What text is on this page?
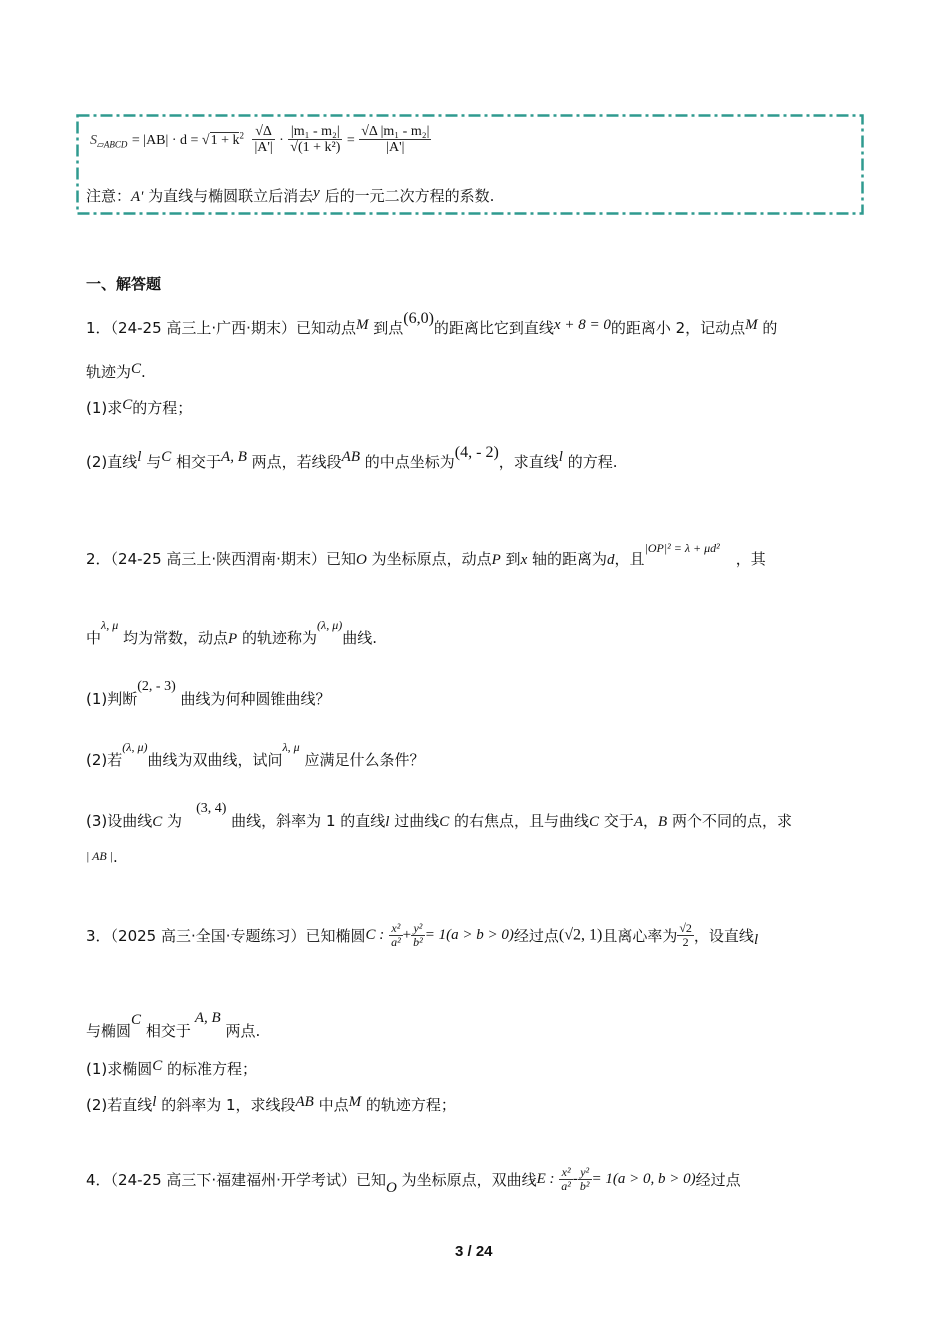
$S_{▱ABCD} = |AB| \cdot d = √1 + k^2 \frac{√\Delta}{|A'|} \cdot \frac{\text{|m₁ - m₂|}}{\text{√(1 + k²)}} = \frac{\text{√Δ |m₁ - m₂|}}{|A'|}$
注意：A' 为直线与椭圆联立后消去y 后的一元二次方程的系数.
一、解答题
1．（24-25 高三上·广西·期末）已知动点M 到点(6,0)的距离比它到直线x + 8 = 0的距离小 2，记动点M 的
轨迹为C.
(1)求C的方程；
(2)直线l 与C 相交于A, B 两点，若线段AB 的中点坐标为(4, - 2)，求直线l 的方程.
2．（24-25 高三上·陕西渭南·期末）已知O 为坐标原点，动点P 到x 轴的距离为d，且$^{|OP|^2 = \lambda + \mu d^2}$，其
中$^{\lambda, \mu}$ 均为常数，动点P 的轨迹称为$^{(\lambda, \mu)}$曲线.
(1)判断(2, - 3) 曲线为何种圆锥曲线？
(2)若$^{(\lambda, \mu)}$曲线为双曲线，试问$^{\lambda, \mu}$ 应满足什么条件？
(3)设曲线C 为(3, 4) 曲线，斜率为 1 的直线l 过曲线C 的右焦点，且与曲线C 交于A，B 两个不同的点，求
| AB |.
3．（2025 高三·全国·专题练习）已知椭圆C : $\frac{\text{x²}}{\text{a²}} + \frac{\text{y²}}{\text{b²}} = 1(a > b > 0)$经过点(√2, 1)且离心率为 $\frac{√2}{2}$ ，设直线l
与椭圆C 相交于A, B 两点.
(1)求椭圆C 的标准方程；
(2)若直线l 的斜率为 1，求线段AB 中点M 的轨迹方程；
4．（24-25 高三下·福建福州·开学考试）已知O 为坐标原点，双曲线E : $\frac{\text{x²}}{\text{a²}} - \frac{\text{y²}}{\text{b²}} = 1(a > 0$, b > 0)经过点
3 / 24
